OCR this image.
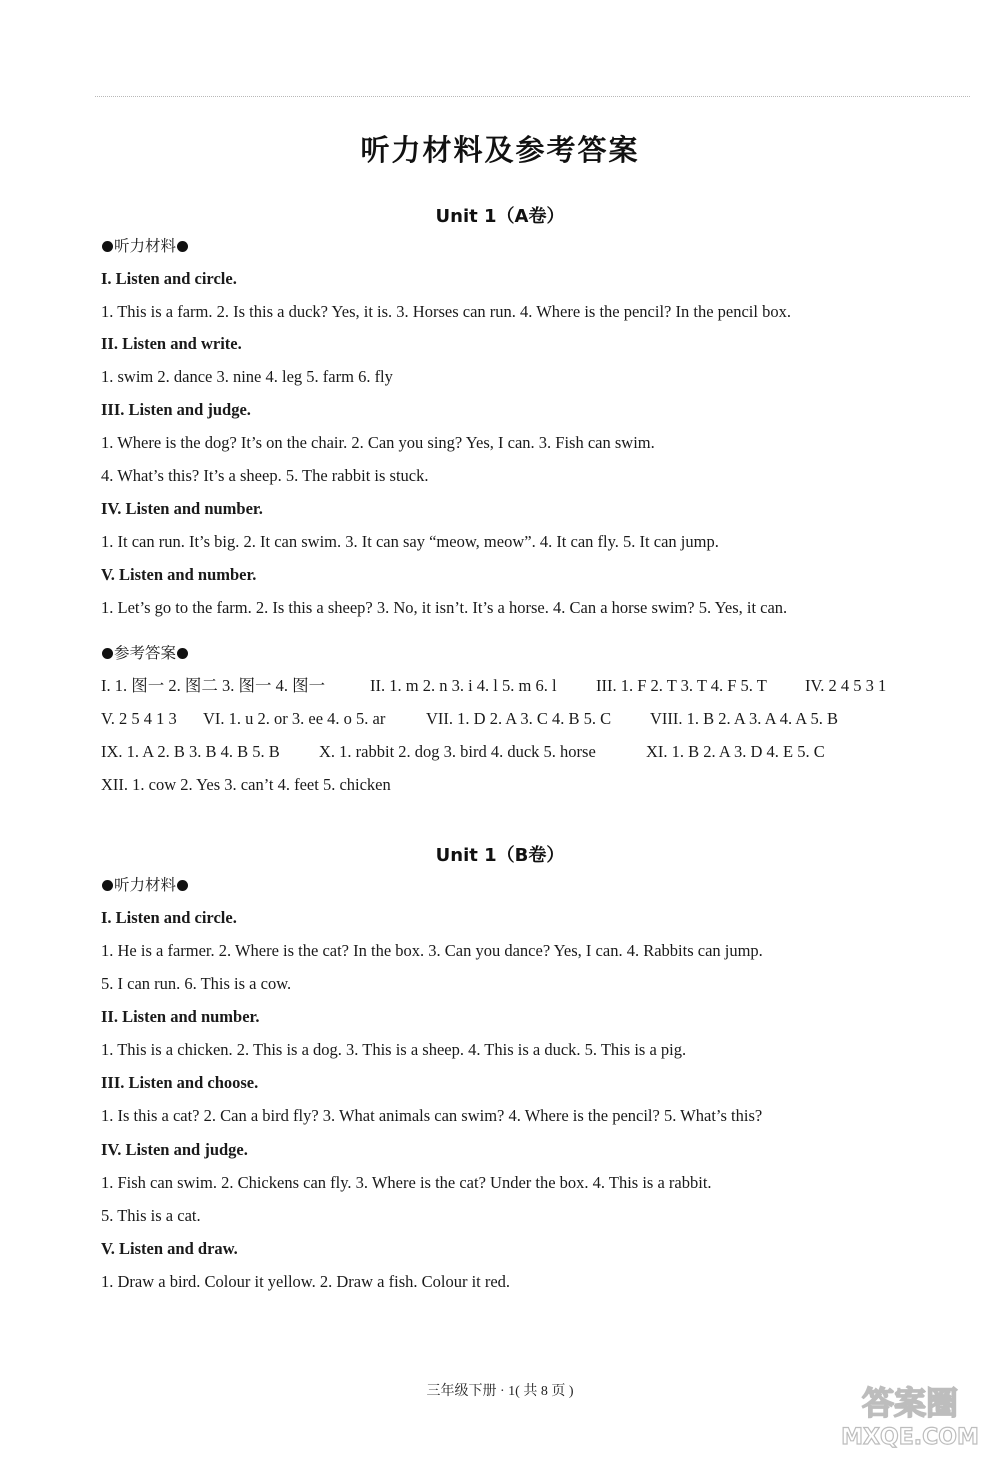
听力材料及参考答案
Unit 1（A卷）
听力材料
I. Listen and circle.
1. This is a farm. 2. Is this a duck? Yes, it is. 3. Horses can run. 4. Where is the pencil? In the pencil box.
II. Listen and write.
1. swim 2. dance 3. nine 4. leg 5. farm 6. fly
III. Listen and judge.
1. Where is the dog? It’s on the chair. 2. Can you sing? Yes, I can. 3. Fish can swim.
4. What’s this? It’s a sheep. 5. The rabbit is stuck.
IV. Listen and number.
1. It can run. It’s big. 2. It can swim. 3. It can say “meow, meow”. 4. It can fly. 5. It can jump.
V. Listen and number.
1. Let’s go to the farm. 2. Is this a sheep? 3. No, it isn’t. It’s a horse. 4. Can a horse swim? 5. Yes, it can.
参考答案
I. 1. 图一 2. 图二 3. 图一 4. 图一	II. 1. m 2. n 3. i 4. l 5. m 6. l III. 1. F 2. T 3. T 4. F 5. T IV. 2 4 5 3 1
V. 2 5 4 1 3 VI. 1. u 2. or 3. ee 4. o 5. ar VII. 1. D 2. A 3. C 4. B 5. C VIII. 1. B 2. A 3. A 4. A 5. B
IX. 1. A 2. B 3. B 4. B 5. B X. 1. rabbit 2. dog 3. bird 4. duck 5. horse	XI. 1. B 2. A 3. D 4. E 5. C
XII. 1. cow 2. Yes 3. can’t 4. feet 5. chicken
Unit 1（B卷）
听力材料
I. Listen and circle.
1. He is a farmer. 2. Where is the cat? In the box. 3. Can you dance? Yes, I can. 4. Rabbits can jump.
5. I can run. 6. This is a cow.
II. Listen and number.
1. This is a chicken. 2. This is a dog. 3. This is a sheep. 4. This is a duck. 5. This is a pig.
III. Listen and choose.
1. Is this a cat? 2. Can a bird fly? 3. What animals can swim? 4. Where is the pencil? 5. What’s this?
IV. Listen and judge.
1. Fish can swim. 2. Chickens can fly. 3. Where is the cat? Under the box. 4. This is a rabbit.
5. This is a cat.
V. Listen and draw.
1. Draw a bird. Colour it yellow. 2. Draw a fish. Colour it red.
三年级下册 · 1( 共 8 页 )	答案圈
MXQE.COM
